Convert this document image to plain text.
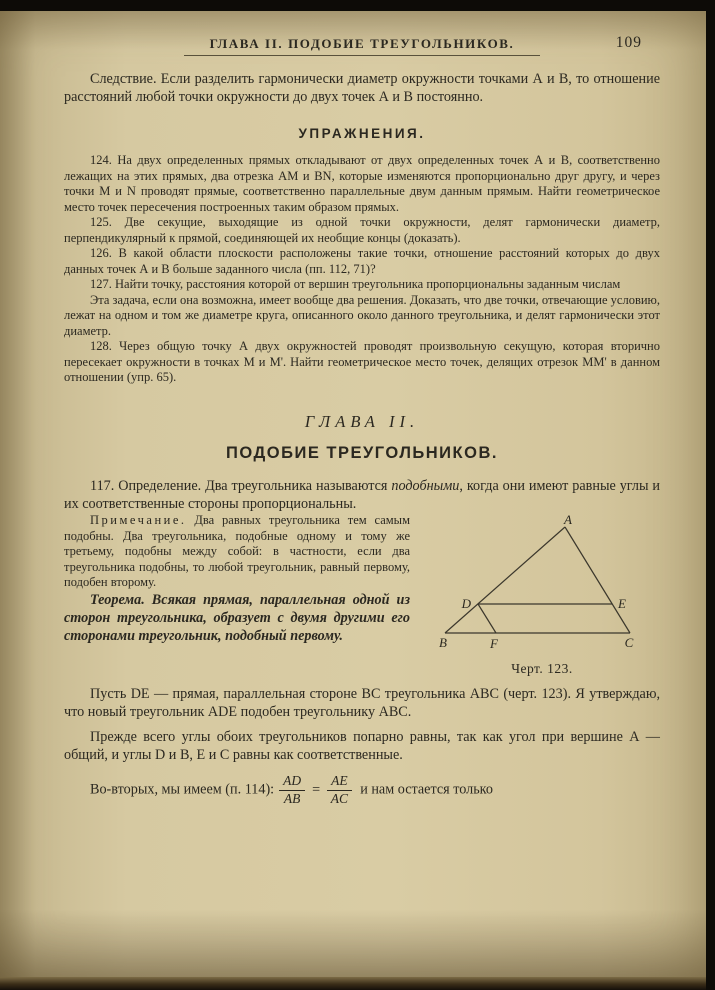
ГЛАВА II. ПОДОБИЕ ТРЕУГОЛЬНИКОВ.	109

Следствие. Если разделить гармонически диаметр окружности точками А и В, то отношение расстояний любой точки окружности до двух точек А и В постоянно.

УПРАЖНЕНИЯ.

124. На двух определенных прямых откладывают от двух определенных точек А и В, соответственно лежащих на этих прямых, два отрезка АМ и BN, которые изменяются пропорционально друг другу, и через точки М и N проводят прямые, соответственно параллельные двум данным прямым. Найти геометрическое место точек пересечения построенных таким образом прямых.

125. Две секущие, выходящие из одной точки окружности, делят гармонически диаметр, перпендикулярный к прямой, соединяющей их необщие концы (доказать).

126. В какой области плоскости расположены такие точки, отношение расстояний которых до двух данных точек А и В больше заданного числа (пп. 112, 71)?

127. Найти точку, расстояния которой от вершин треугольника пропорциональны заданным числам

Эта задача, если она возможна, имеет вообще два решения. Доказать, что две точки, отвечающие условию, лежат на одном и том же диаметре круга, описанного около данного треугольника, и делят гармонически этот диаметр.

128. Через общую точку А двух окружностей проводят произвольную секущую, которая вторично пересекает окружности в точках М и М'. Найти геометрическое место точек, делящих отрезок ММ' в данном отношении (упр. 65).

ГЛАВА II.
ПОДОБИЕ ТРЕУГОЛЬНИКОВ.

117. Определение. Два треугольника называются подобными, когда они имеют равные углы и их соответственные стороны пропорциональны.

A
D	E
B	F	C
Черт. 123.

Примечание. Два равных треугольника тем самым подобны. Два треугольника, подобные одному и тому же третьему, подобны между собой: в частности, если два треугольника подобны, то любой треугольник, равный первому, подобен второму.

Теорема. Всякая прямая, параллельная одной из сторон треугольника, образует с двумя другими его сторонами треугольник, подобный первому.

Пусть DE — прямая, параллельная стороне ВС треугольника АВС (черт. 123). Я утверждаю, что новый треугольник ADE подобен треугольнику АВС.

Прежде всего углы обоих треугольников попарно равны, так как угол при вершине А — общий, и углы D и В, Е и С равны как соответственные.

Во-вторых, мы имеем (п. 114): $\frac{AD}{AB} = \frac{AE}{AC}$ и нам остается только
